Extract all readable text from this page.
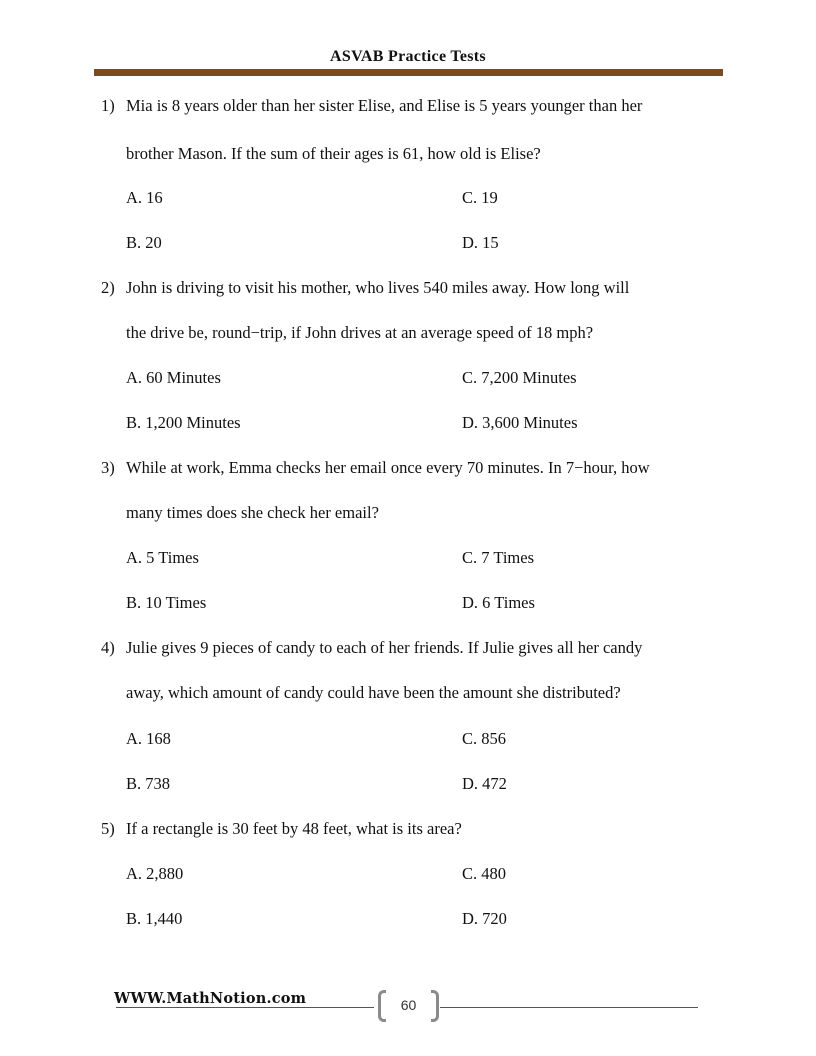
ASVAB Practice Tests
1) Mia is 8 years older than her sister Elise, and Elise is 5 years younger than her
brother Mason. If the sum of their ages is 61, how old is Elise?
A. 16	C. 19
B. 20	D. 15
2) John is driving to visit his mother, who lives 540 miles away. How long will
the drive be, round−trip, if John drives at an average speed of 18 mph?
A. 60 Minutes	C. 7,200 Minutes
B. 1,200 Minutes	D. 3,600 Minutes
3) While at work, Emma checks her email once every 70 minutes. In 7−hour, how
many times does she check her email?
A. 5 Times	C. 7 Times
B. 10 Times	D. 6 Times
4) Julie gives 9 pieces of candy to each of her friends. If Julie gives all her candy
away, which amount of candy could have been the amount she distributed?
A. 168	C. 856
B. 738	D. 472
5) If a rectangle is 30 feet by 48 feet, what is its area?
A. 2,880	C. 480
B. 1,440	D. 720
WWW.MathNotion.com	60
